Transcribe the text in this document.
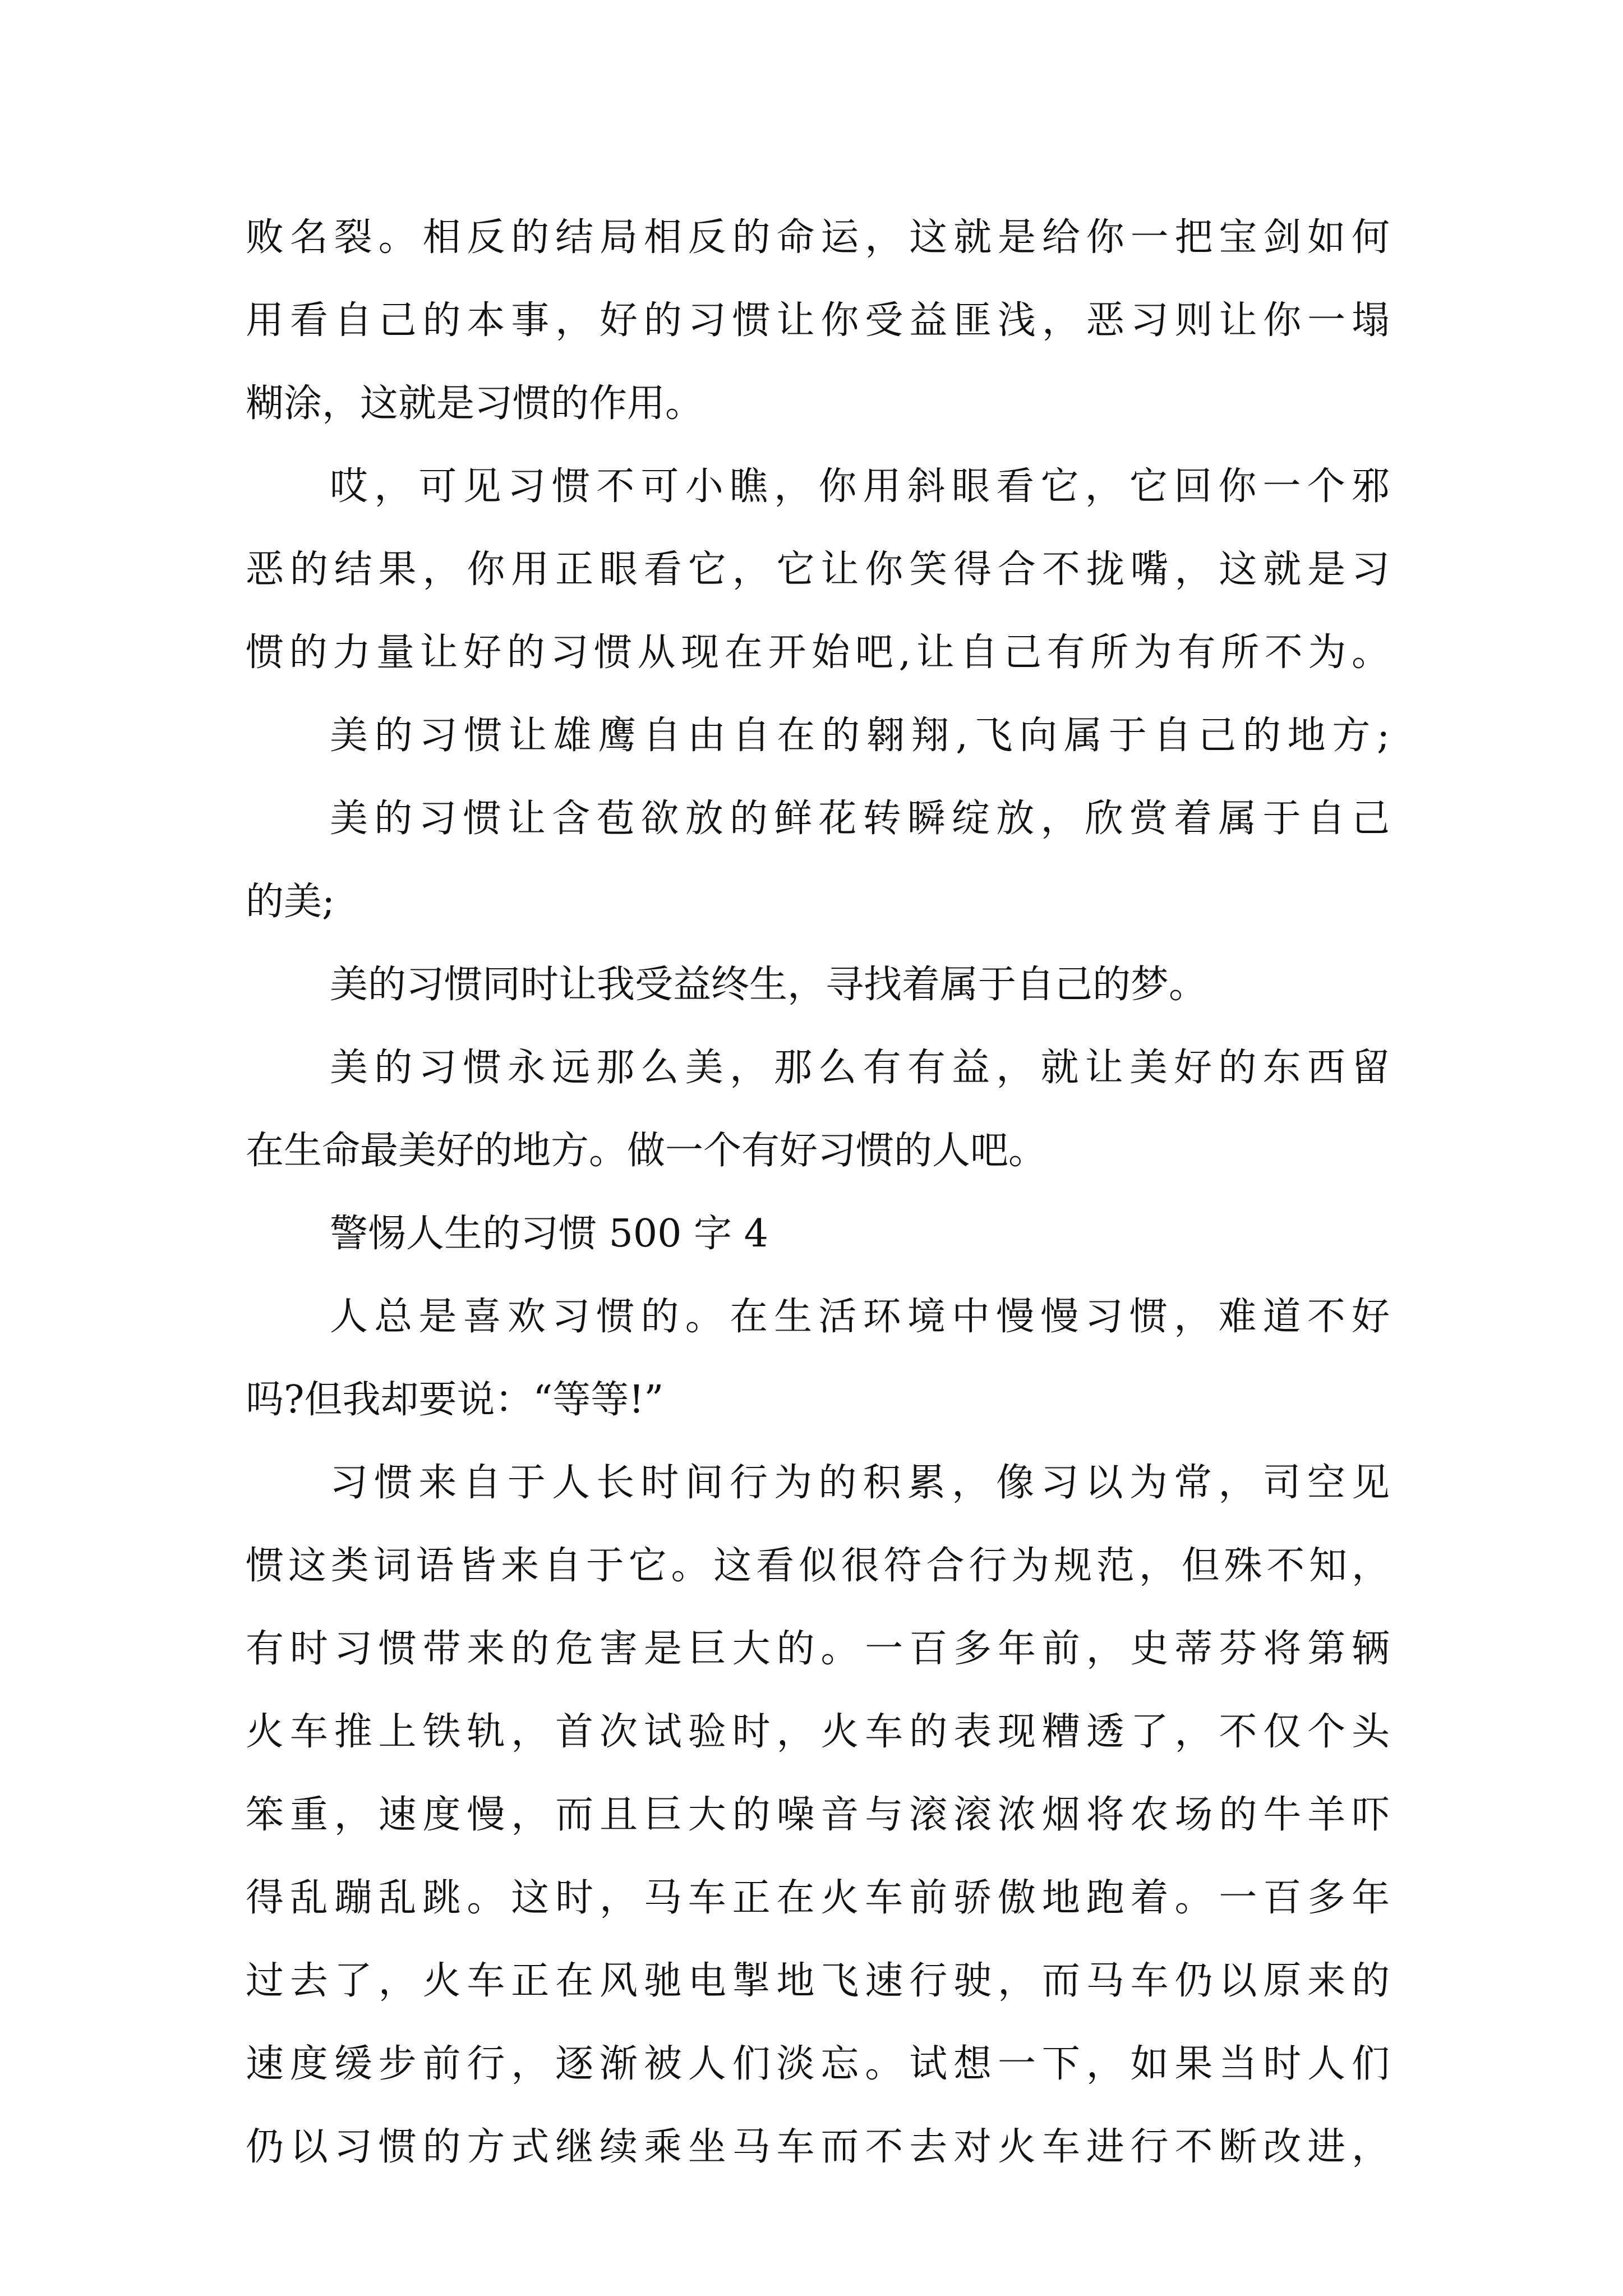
败名裂。相反的结局相反的命运，这就是给你一把宝剑如何
用看自己的本事，好的习惯让你受益匪浅，恶习则让你一塌
糊涂，这就是习惯的作用。
哎，可见习惯不可小瞧，你用斜眼看它，它回你一个邪
恶的结果，你用正眼看它，它让你笑得合不拢嘴，这就是习
惯的力量让好的习惯从现在开始吧,让自己有所为有所不为。
美的习惯让雄鹰自由自在的翱翔,飞向属于自己的地方;
美的习惯让含苞欲放的鲜花转瞬绽放，欣赏着属于自己
的美;
美的习惯同时让我受益终生，寻找着属于自己的梦。
美的习惯永远那么美，那么有有益，就让美好的东西留
在生命最美好的地方。做一个有好习惯的人吧。
警惕人生的习惯 500 字 4
人总是喜欢习惯的。在生活环境中慢慢习惯，难道不好
吗?但我却要说：“等等!”
习惯来自于人长时间行为的积累，像习以为常，司空见
惯这类词语皆来自于它。这看似很符合行为规范，但殊不知，
有时习惯带来的危害是巨大的。一百多年前，史蒂芬将第辆
火车推上铁轨，首次试验时，火车的表现糟透了，不仅个头
笨重，速度慢，而且巨大的噪音与滚滚浓烟将农场的牛羊吓
得乱蹦乱跳。这时，马车正在火车前骄傲地跑着。一百多年
过去了，火车正在风驰电掣地飞速行驶，而马车仍以原来的
速度缓步前行，逐渐被人们淡忘。试想一下，如果当时人们
仍以习惯的方式继续乘坐马车而不去对火车进行不断改进，
